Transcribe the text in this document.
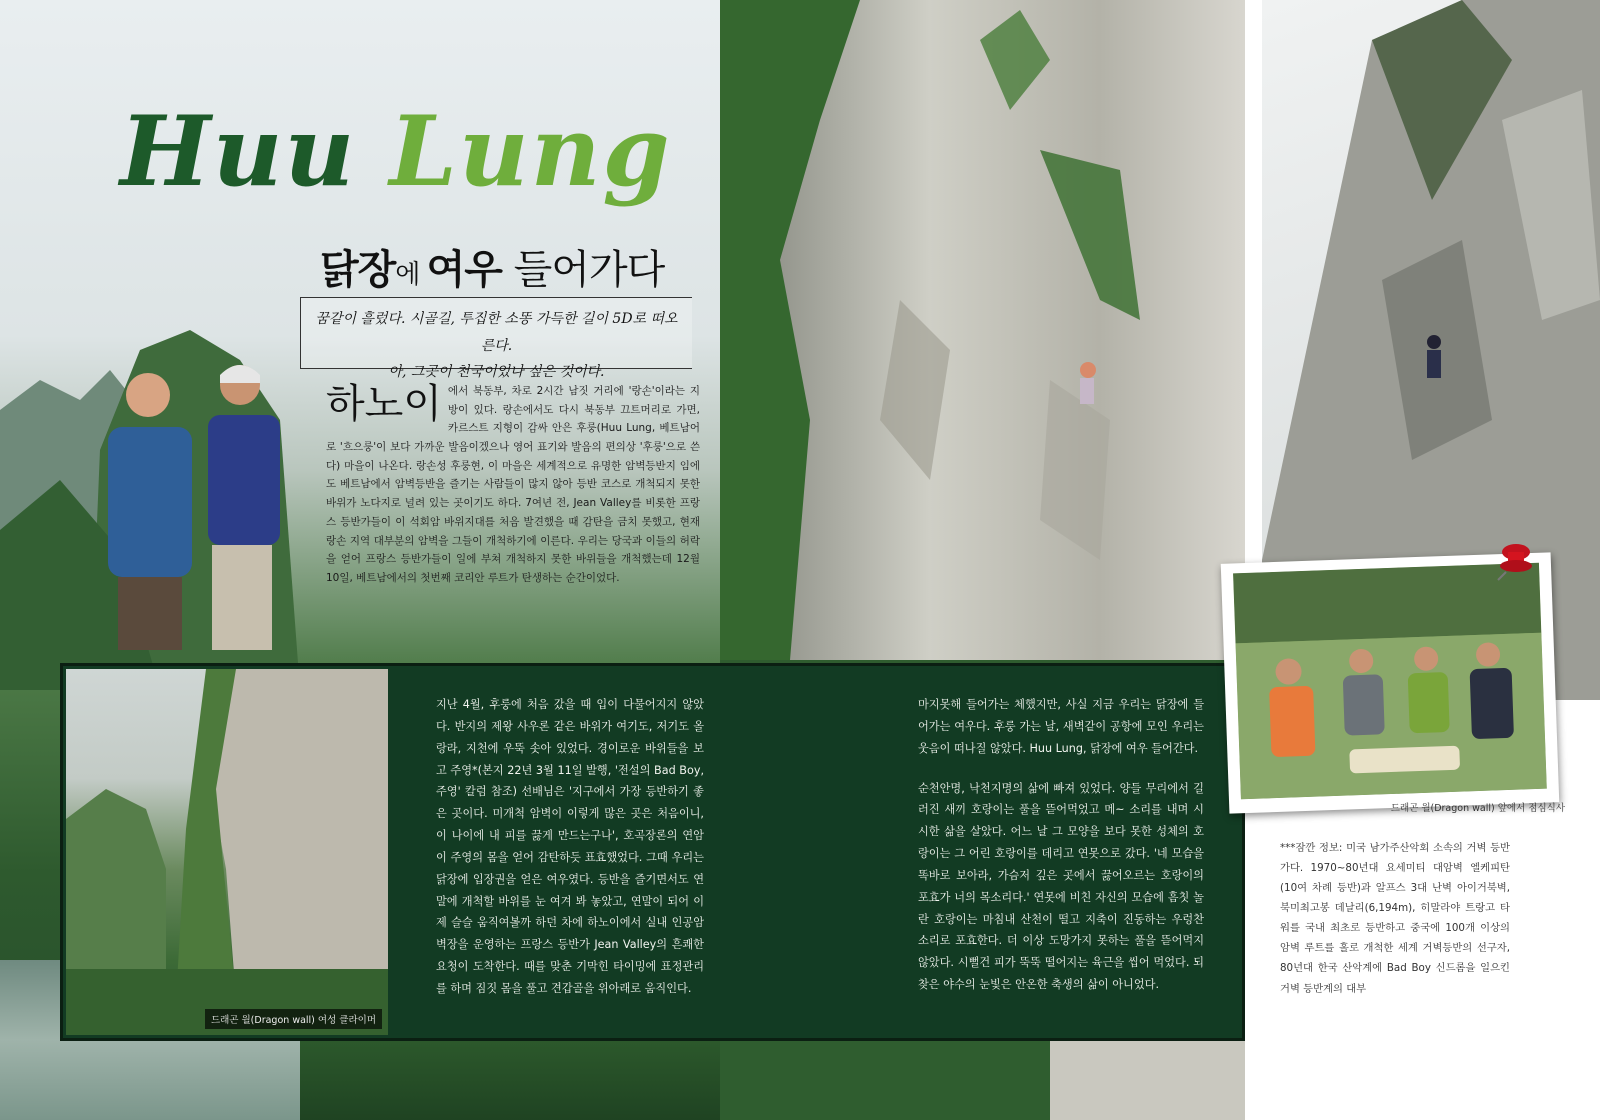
Huu Lung
닭장에 여우 들어가다
꿈같이 흘렀다. 시골길, 투집한 소똥 가득한 길이 5D로 떠오른다.
아, 그곳이 천국이었나 싶은 것이다.
하노이 에서 북동부, 차로 2시간 남짓 거리에 '랑손'이라는 지방이 있다. 랑손에서도 다시 북동부 끄트머리로 가면, 카르스트 지형이 감싸 안은 후룽(Huu Lung, 베트남어로 '흐으룽'이 보다 가까운 발음이겠으나 영어 표기와 발음의 편의상 '후룽'으로 쓴다) 마을이 나온다. 랑손성 후룽현, 이 마을은 세계적으로 유명한 암벽등반지 임에도 베트남에서 암벽등반을 즐기는 사람들이 많지 않아 등반 코스로 개척되지 못한 바위가 노다지로 널려 있는 곳이기도 하다. 7여년 전, Jean Valley를 비롯한 프랑스 등반가들이 이 석회암 바위지대를 처음 발견했을 때 감탄을 금치 못했고, 현재 랑손 지역 대부분의 암벽을 그들이 개척하기에 이른다. 우리는 당국과 이들의 허락을 얻어 프랑스 등반가들이 일에 부쳐 개척하지 못한 바위들을 개척했는데 12월 10일, 베트남에서의 첫번째 코리안 루트가 탄생하는 순간이었다.
드래곤 월(Dragon wall) 여성 클라이머

지난 4월, 후룽에 처음 갔을 때 입이 다물어지지 않았다. 반지의 제왕 사우론 같은 바위가 여기도, 저기도 올랑라, 지천에 우뚝 솟아 있었다. 경이로운 바위들을 보고 주영*(본지 22년 3월 11일 발행, '전설의 Bad Boy, 주영' 칼럼 참조) 선배님은 '지구에서 가장 등반하기 좋은 곳이다. 미개척 암벽이 이렇게 많은 곳은 처음이니, 이 나이에 내 피를 끓게 만드는구나', 호곡장론의 연암이 주영의 몸을 얻어 감탄하듯 표효했었다. 그때 우리는 닭장에 입장권을 얻은 여우였다. 등반을 즐기면서도 연말에 개척할 바위를 눈 여겨 봐 놓았고, 연말이 되어 이제 슬슬 움직여볼까 하던 차에 하노이에서 실내 인공암벽장을 운영하는 프랑스 등반가 Jean Valley의 흔쾌한 요청이 도착한다. 때를 맞춘 기막힌 타이밍에 표정관리를 하며 짐짓 몸을 풀고 견갑골을 위아래로 움직인다.

마지못해 들어가는 체했지만, 사실 지금 우리는 닭장에 들어가는 여우다. 후룽 가는 날, 새벽같이 공항에 모인 우리는 웃음이 떠나질 않았다. Huu Lung, 닭장에 여우 들어간다.

순천안명, 낙천지명의 삶에 빠져 있었다. 양들 무리에서 길 러진 새끼 호랑이는 풀을 뜯어먹었고 메~ 소리를 내며 시시한 삶을 살았다. 어느 날 그 모양을 보다 못한 성체의 호랑이는 그 어린 호랑이를 데리고 연못으로 갔다. '네 모습을 똑바로 보아라, 가슴저 깊은 곳에서 끓어오르는 호랑이의 포효가 너의 목소리다.' 연못에 비친 자신의 모습에 흠칫 놀란 호랑이는 마침내 산천이 떨고 지축이 진동하는 우렁찬 소리로 포효한다. 더 이상 도망가지 못하는 풀을 뜯어먹지 않았다. 시뻘건 피가 뚝뚝 떨어지는 육근을 씹어 먹었다. 되찾은 야수의 눈빛은 안온한 축생의 삶이 아니었다.

드래곤 월(Dragon wall) 앞에서 점심식사
***잠깐 정보: 미국 남가주산악회 소속의 거벽 등반가다. 1970~80년대 요세미티 대암벽 엘케피탄(10여 차례 등반)과 알프스 3대 난벽 아이거북벽, 북미최고봉 데날리(6,194m), 히말라야 트랑고 타워를 국내 최초로 등반하고 중국에 100개 이상의 암벽 루트를 홀로 개척한 세계 거벽등반의 선구자, 80년대 한국 산악계에 Bad Boy 신드롬을 일으킨 거벽 등반계의 대부
